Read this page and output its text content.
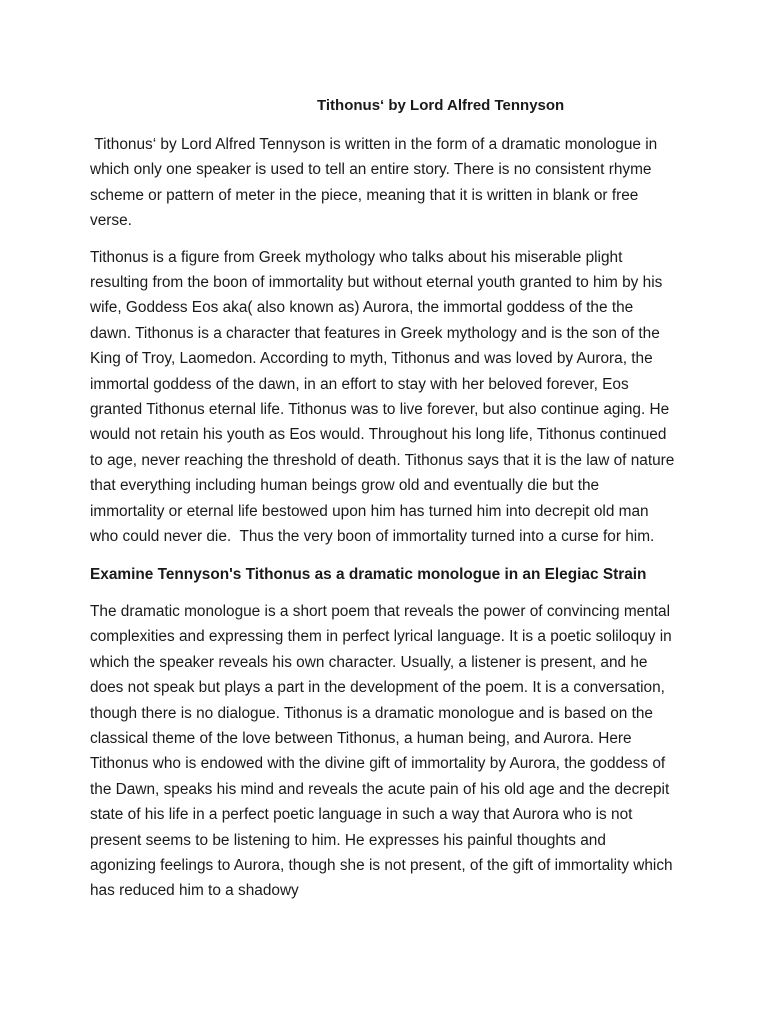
Tithonus‘ by Lord Alfred Tennyson

Tithonus‘ by Lord Alfred Tennyson is written in the form of a dramatic monologue in which only one speaker is used to tell an entire story. There is no consistent rhyme scheme or pattern of meter in the piece, meaning that it is written in blank or free verse.

Tithonus is a figure from Greek mythology who talks about his miserable plight resulting from the boon of immortality but without eternal youth granted to him by his wife, Goddess Eos aka( also known as) Aurora, the immortal goddess of the the dawn. Tithonus is a character that features in Greek mythology and is the son of the King of Troy, Laomedon. According to myth, Tithonus and was loved by Aurora, the immortal goddess of the dawn, in an effort to stay with her beloved forever, Eos granted Tithonus eternal life. Tithonus was to live forever, but also continue aging. He would not retain his youth as Eos would. Throughout his long life, Tithonus continued to age, never reaching the threshold of death. Tithonus says that it is the law of nature that everything including human beings grow old and eventually die but the immortality or eternal life bestowed upon him has turned him into decrepit old man who could never die.  Thus the very boon of immortality turned into a curse for him.

Examine Tennyson's Tithonus as a dramatic monologue in an Elegiac Strain

The dramatic monologue is a short poem that reveals the power of convincing mental complexities and expressing them in perfect lyrical language. It is a poetic soliloquy in which the speaker reveals his own character. Usually, a listener is present, and he does not speak but plays a part in the development of the poem. It is a conversation, though there is no dialogue. Tithonus is a dramatic monologue and is based on the classical theme of the love between Tithonus, a human being, and Aurora. Here Tithonus who is endowed with the divine gift of immortality by Aurora, the goddess of the Dawn, speaks his mind and reveals the acute pain of his old age and the decrepit state of his life in a perfect poetic language in such a way that Aurora who is not present seems to be listening to him. He expresses his painful thoughts and agonizing feelings to Aurora, though she is not present, of the gift of immortality which has reduced him to a shadowy
